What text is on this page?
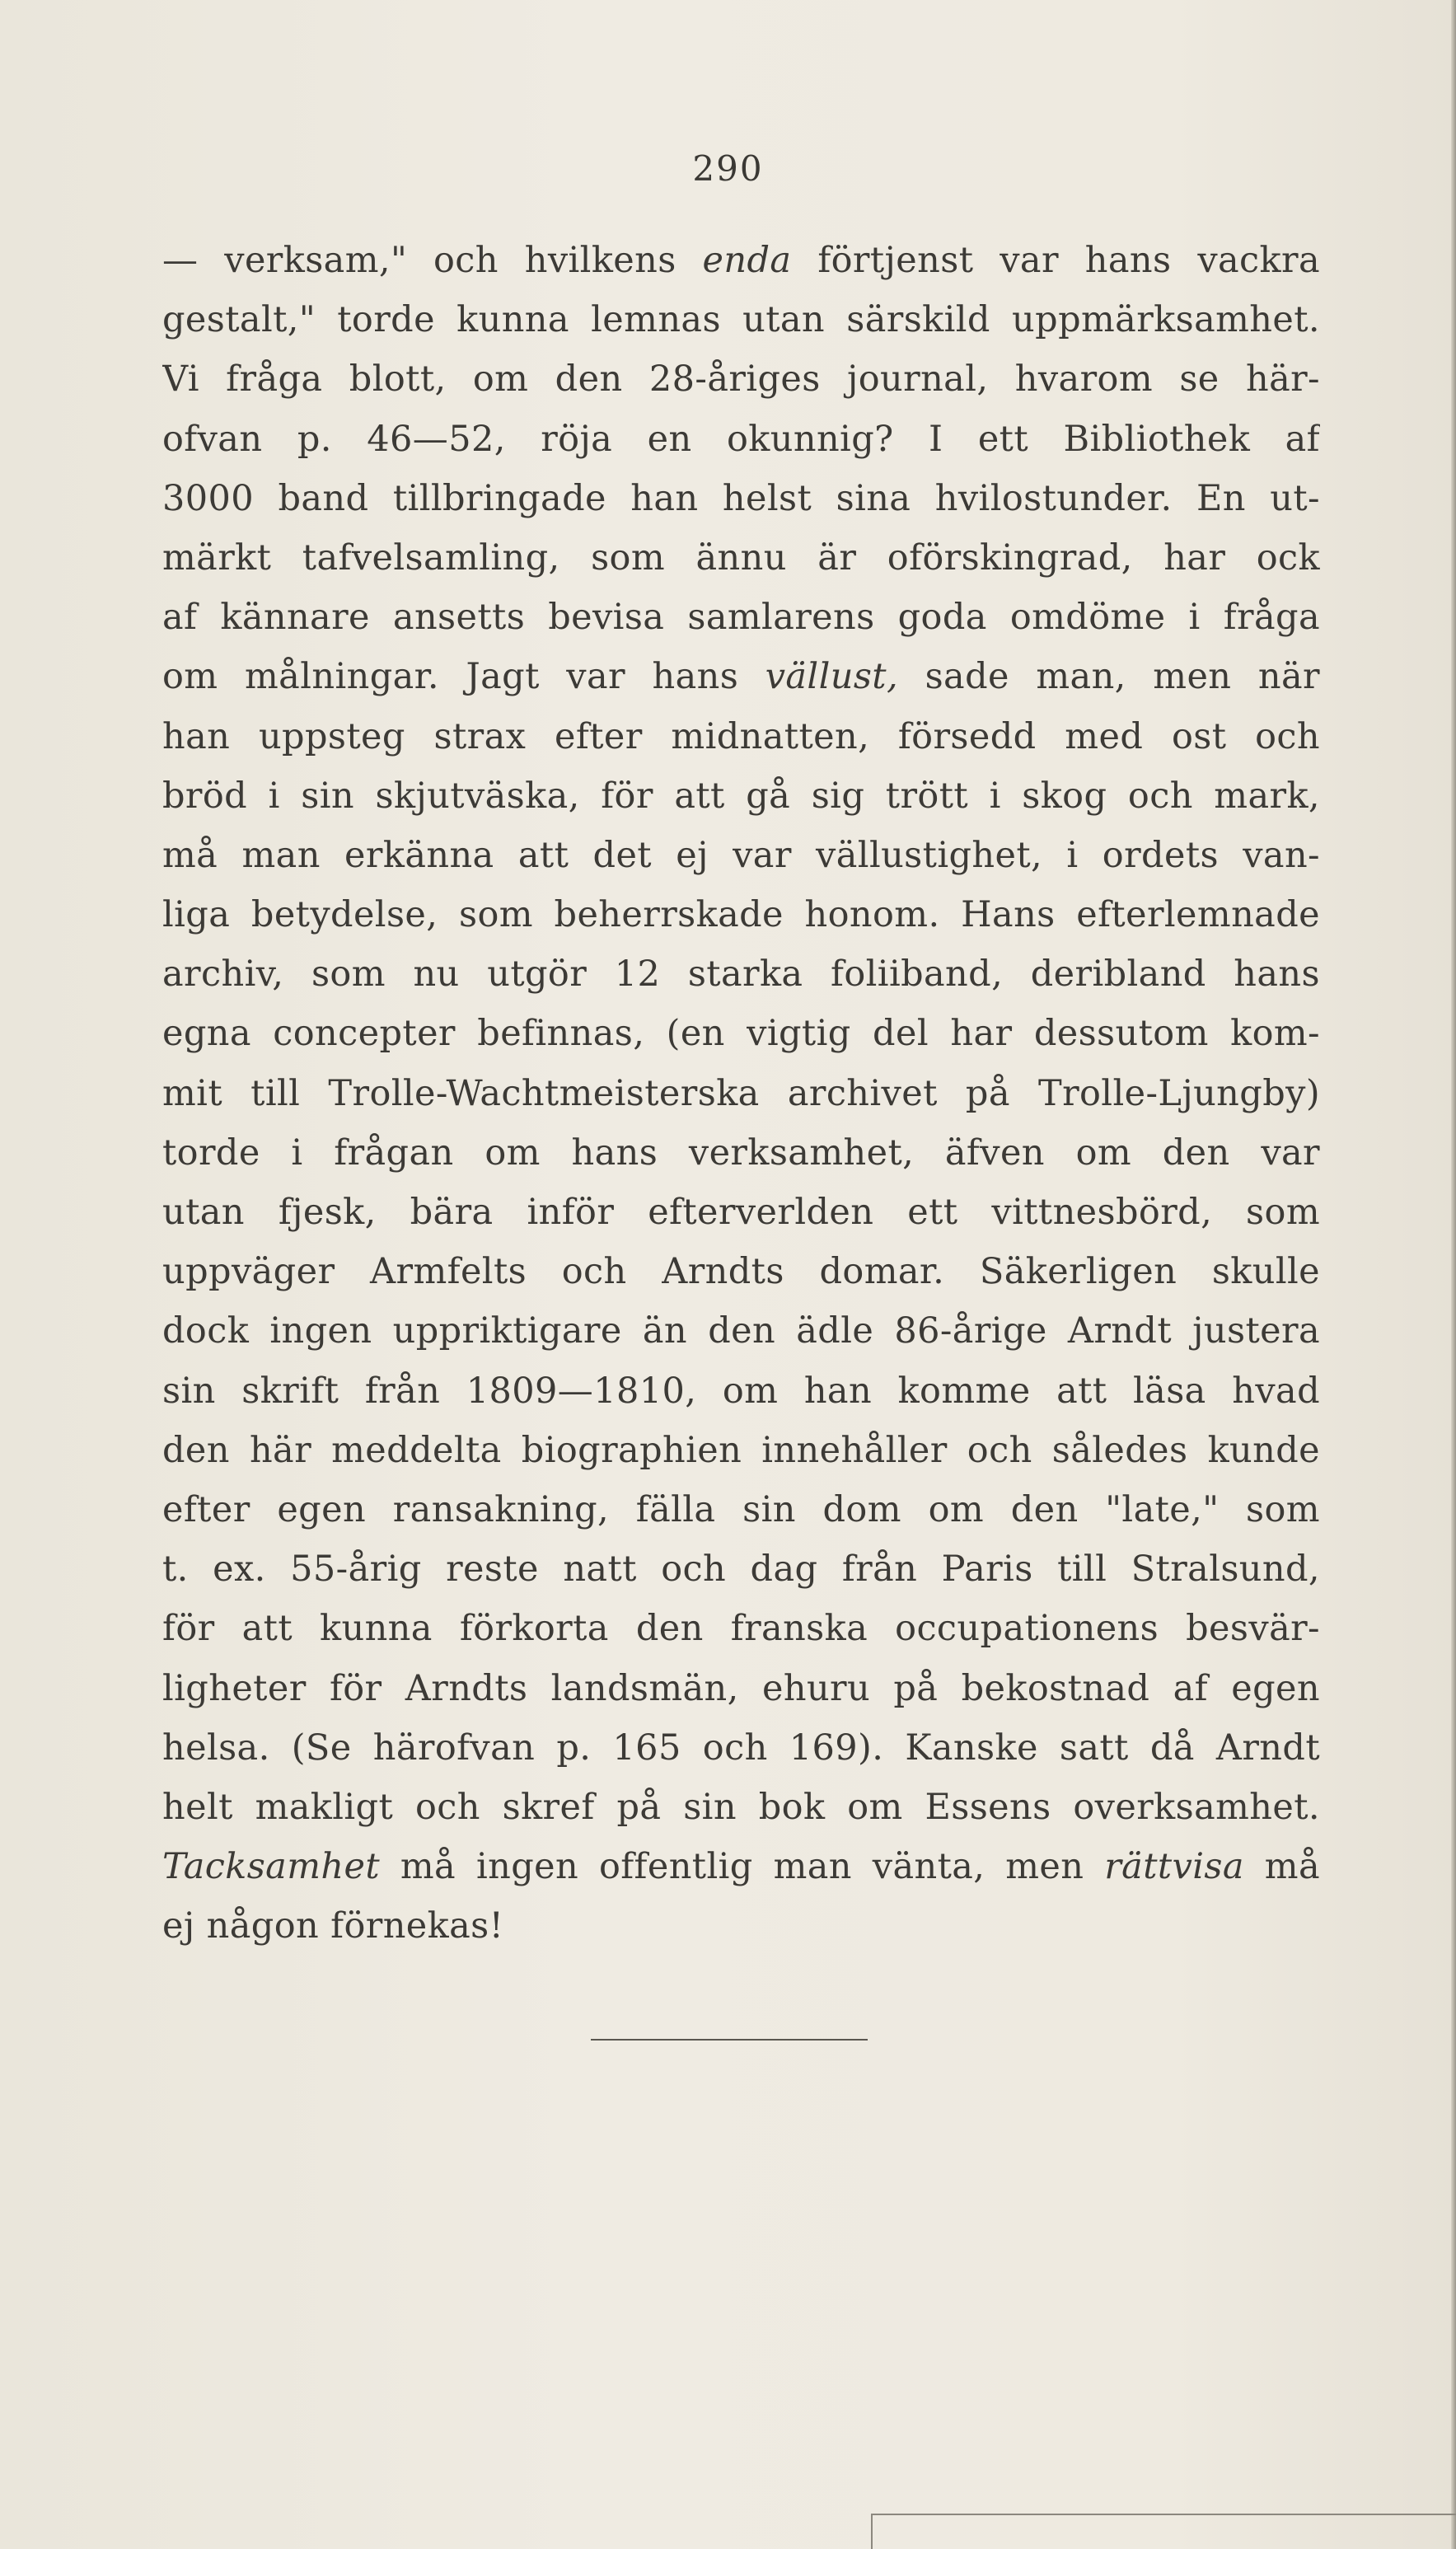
290
— verksam," och hvilkens enda förtjenst var hans vackra
gestalt," torde kunna lemnas utan särskild uppmärksamhet.
Vi fråga blott, om den 28-åriges journal, hvarom se här-
ofvan p. 46—52, röja en okunnig? I ett Bibliothek af
3000 band tillbringade han helst sina hvilostunder. En ut-
märkt tafvelsamling, som ännu är oförskingrad, har ock
af kännare ansetts bevisa samlarens goda omdöme i fråga
om målningar. Jagt var hans vällust, sade man, men när
han uppsteg strax efter midnatten, försedd med ost och
bröd i sin skjutväska, för att gå sig trött i skog och mark,
må man erkänna att det ej var vällustighet, i ordets van-
liga betydelse, som beherrskade honom. Hans efterlemnade
archiv, som nu utgör 12 starka foliiband, deribland hans
egna concepter befinnas, (en vigtig del har dessutom kom-
mit till Trolle-Wachtmeisterska archivet på Trolle-Ljungby)
torde i frågan om hans verksamhet, äfven om den var
utan fjesk, bära inför efterverlden ett vittnesbörd, som
uppväger Armfelts och Arndts domar. Säkerligen skulle
dock ingen uppriktigare än den ädle 86-årige Arndt justera
sin skrift från 1809—1810, om han komme att läsa hvad
den här meddelta biographien innehåller och således kunde
efter egen ransakning, fälla sin dom om den "late," som
t. ex. 55-årig reste natt och dag från Paris till Stralsund,
för att kunna förkorta den franska occupationens besvär-
ligheter för Arndts landsmän, ehuru på bekostnad af egen
helsa. (Se härofvan p. 165 och 169). Kanske satt då Arndt
helt makligt och skref på sin bok om Essens overksamhet.
Tacksamhet må ingen offentlig man vänta, men rättvisa må
ej någon förnekas!
